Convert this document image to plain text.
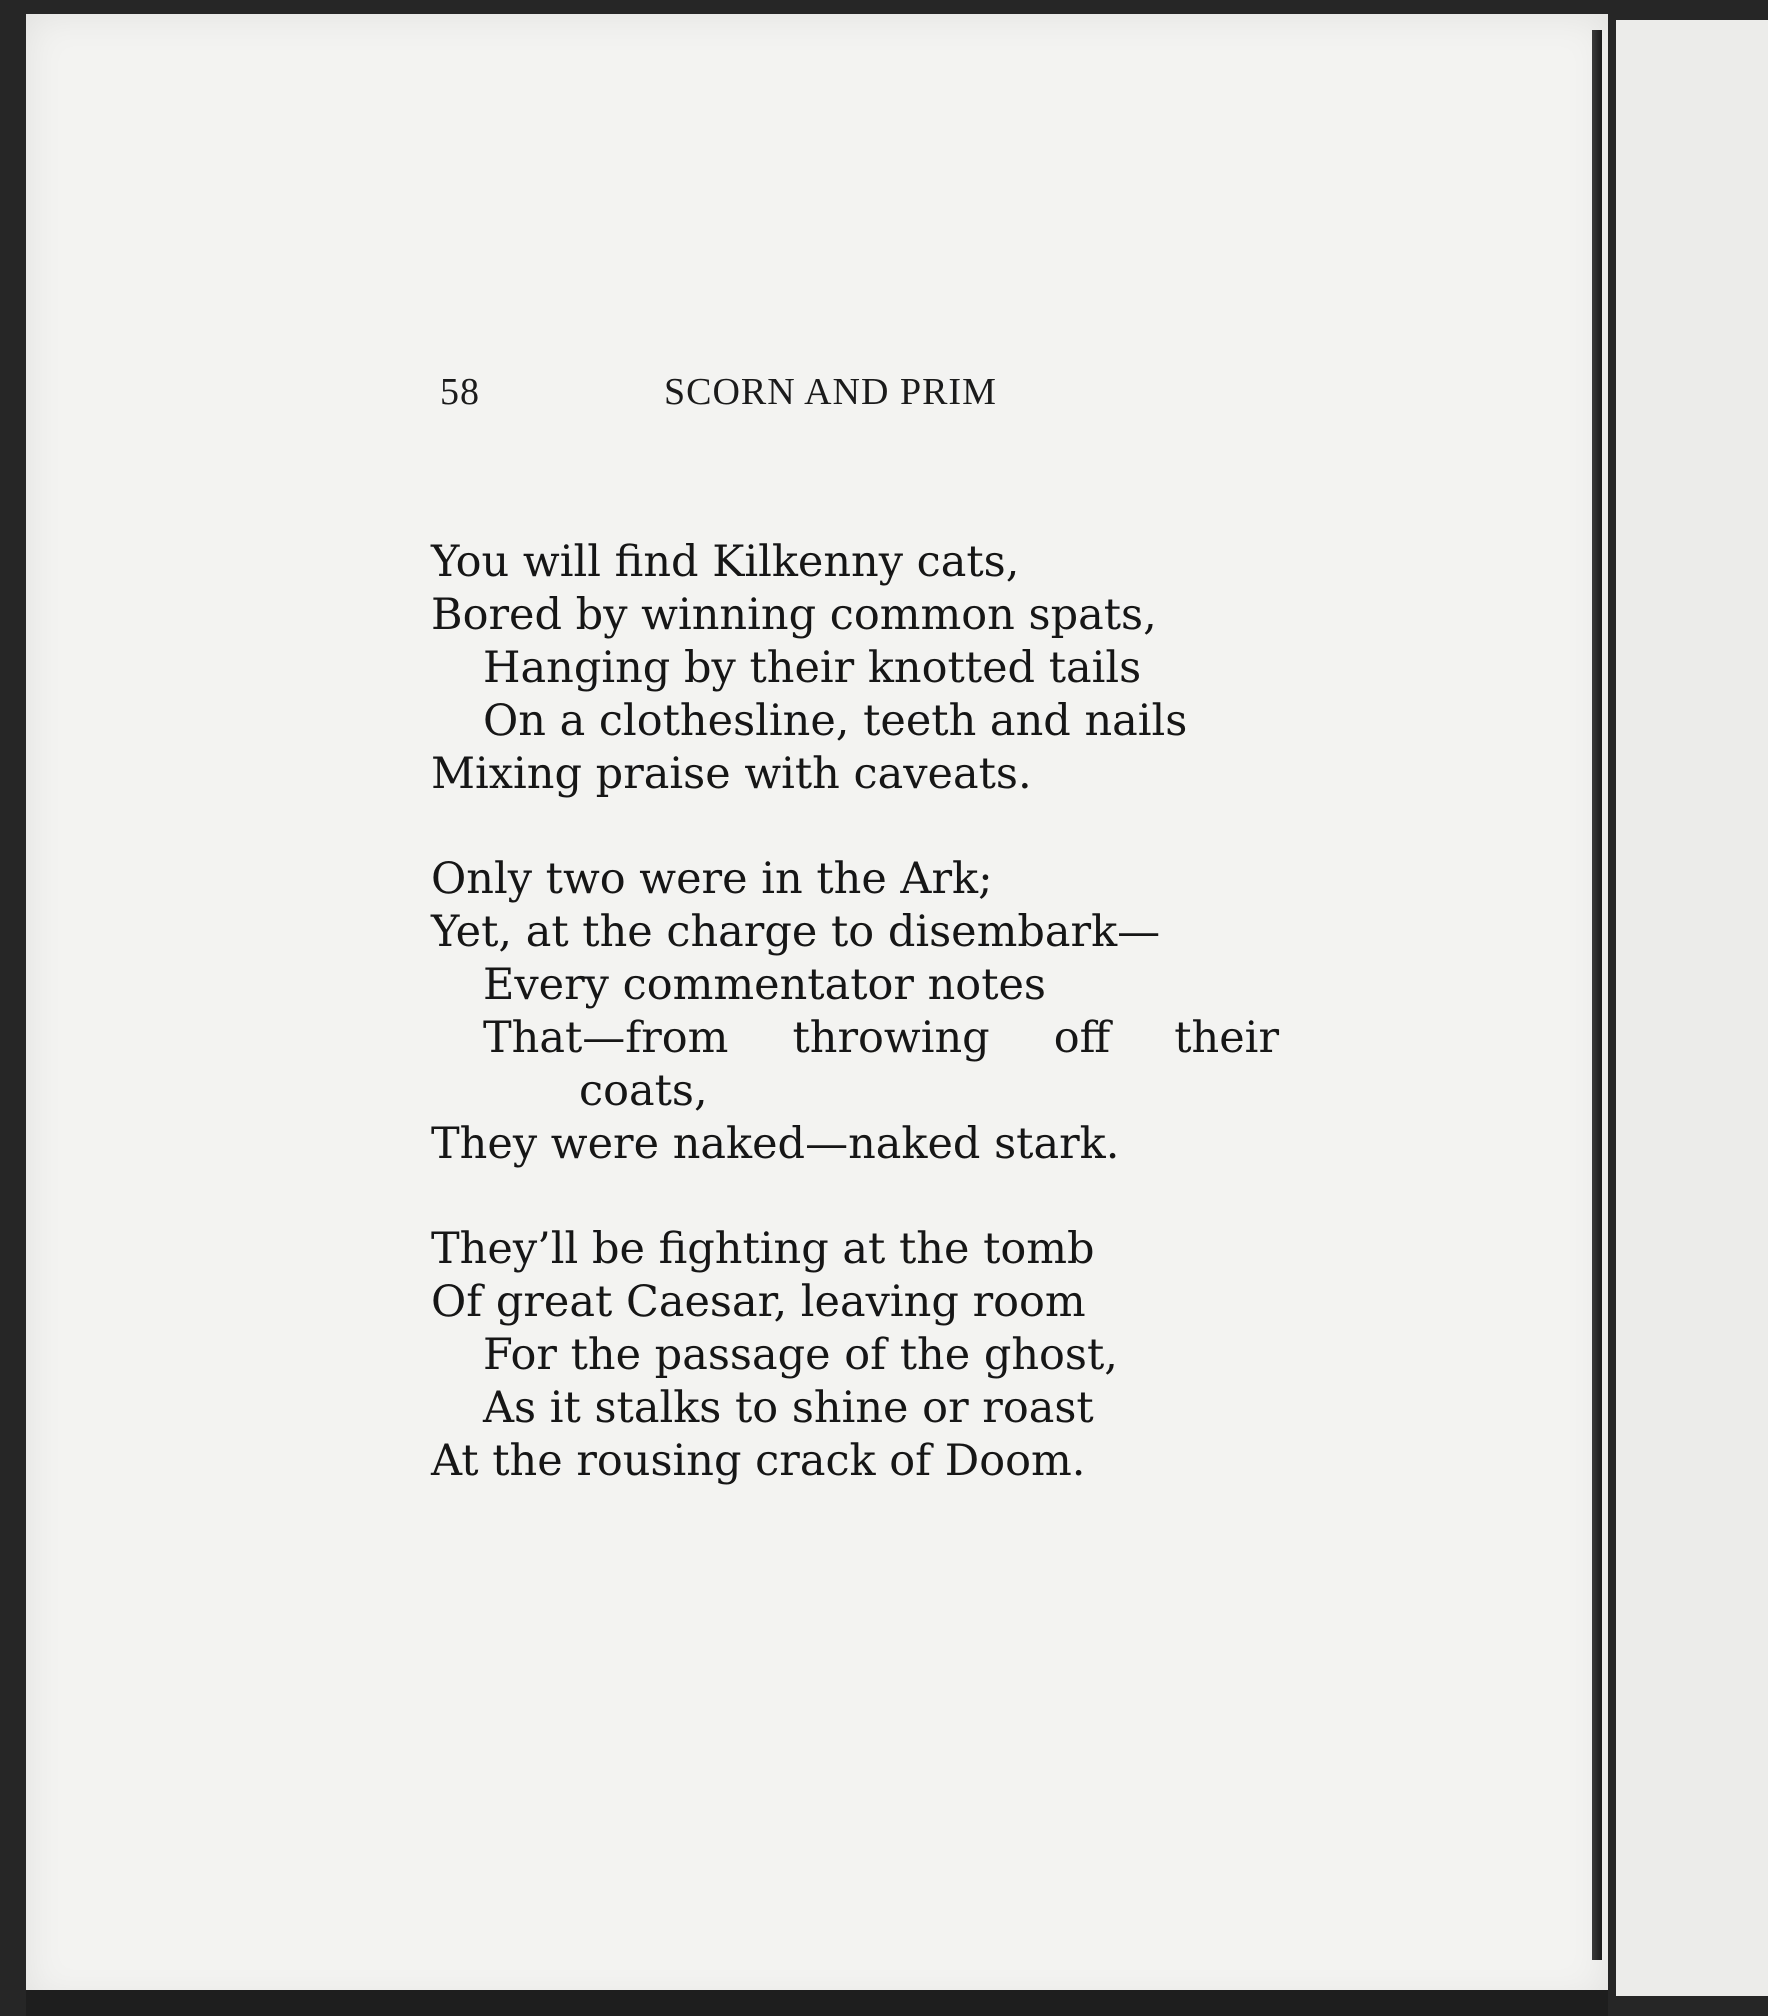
58	SCORN AND PRIM
You will find Kilkenny cats,
Bored by winning common spats,
Hanging by their knotted tails
On a clothesline, teeth and nails
Mixing praise with caveats.
Only two were in the Ark;
Yet, at the charge to disembark—
Every commentator notes
That—from throwing off their
coats,
They were naked—naked stark.
They’ll be fighting at the tomb
Of great Caesar, leaving room
For the passage of the ghost,
As it stalks to shine or roast
At the rousing crack of Doom.
